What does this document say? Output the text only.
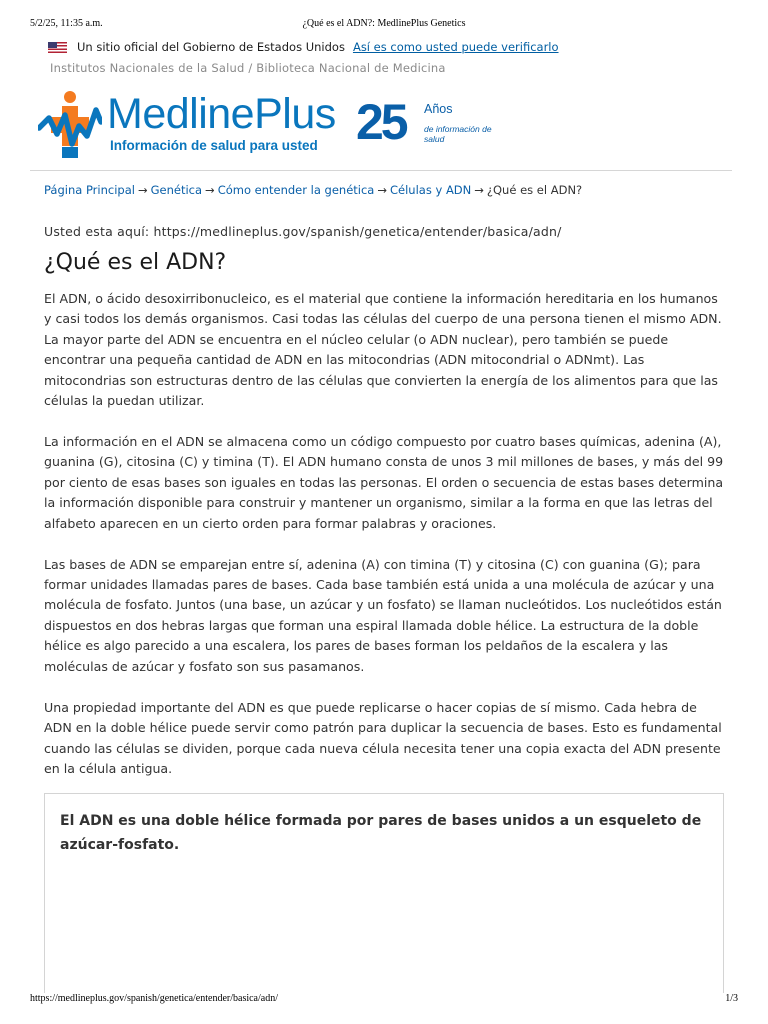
5/2/25, 11:35 a.m.	¿Qué es el ADN?: MedlinePlus Genetics
Un sitio oficial del Gobierno de Estados Unidos Así es como usted puede verificarlo
Institutos Nacionales de la Salud / Biblioteca Nacional de Medicina
MedlinePlus
Información de salud para usted 25 Años
de información de salud
Página Principal → Genética → Cómo entender la genética → Células y ADN → ¿Qué es el ADN?
Usted esta aquí: https://medlineplus.gov/spanish/genetica/entender/basica/adn/
¿Qué es el ADN?

El ADN, o ácido desoxirribonucleico, es el material que contiene la información hereditaria en los humanos y casi todos los demás organismos. Casi todas las células del cuerpo de una persona tienen el mismo ADN. La mayor parte del ADN se encuentra en el núcleo celular (o ADN nuclear), pero también se puede encontrar una pequeña cantidad de ADN en las mitocondrias (ADN mitocondrial o ADNmt). Las mitocondrias son estructuras dentro de las células que convierten la energía de los alimentos para que las células la puedan utilizar.

La información en el ADN se almacena como un código compuesto por cuatro bases químicas, adenina (A), guanina (G), citosina (C) y timina (T). El ADN humano consta de unos 3 mil millones de bases, y más del 99 por ciento de esas bases son iguales en todas las personas. El orden o secuencia de estas bases determina la información disponible para construir y mantener un organismo, similar a la forma en que las letras del alfabeto aparecen en un cierto orden para formar palabras y oraciones.

Las bases de ADN se emparejan entre sí, adenina (A) con timina (T) y citosina (C) con guanina (G); para formar unidades llamadas pares de bases. Cada base también está unida a una molécula de azúcar y una molécula de fosfato. Juntos (una base, un azúcar y un fosfato) se llaman nucleótidos. Los nucleótidos están dispuestos en dos hebras largas que forman una espiral llamada doble hélice. La estructura de la doble hélice es algo parecido a una escalera, los pares de bases forman los peldaños de la escalera y las moléculas de azúcar y fosfato son sus pasamanos.

Una propiedad importante del ADN es que puede replicarse o hacer copias de sí mismo. Cada hebra de ADN en la doble hélice puede servir como patrón para duplicar la secuencia de bases. Esto es fundamental cuando las células se dividen, porque cada nueva célula necesita tener una copia exacta del ADN presente en la célula antigua.

El ADN es una doble hélice formada por pares de bases unidos a un esqueleto de azúcar-fosfato.
https://medlineplus.gov/spanish/genetica/entender/basica/adn/	1/3
